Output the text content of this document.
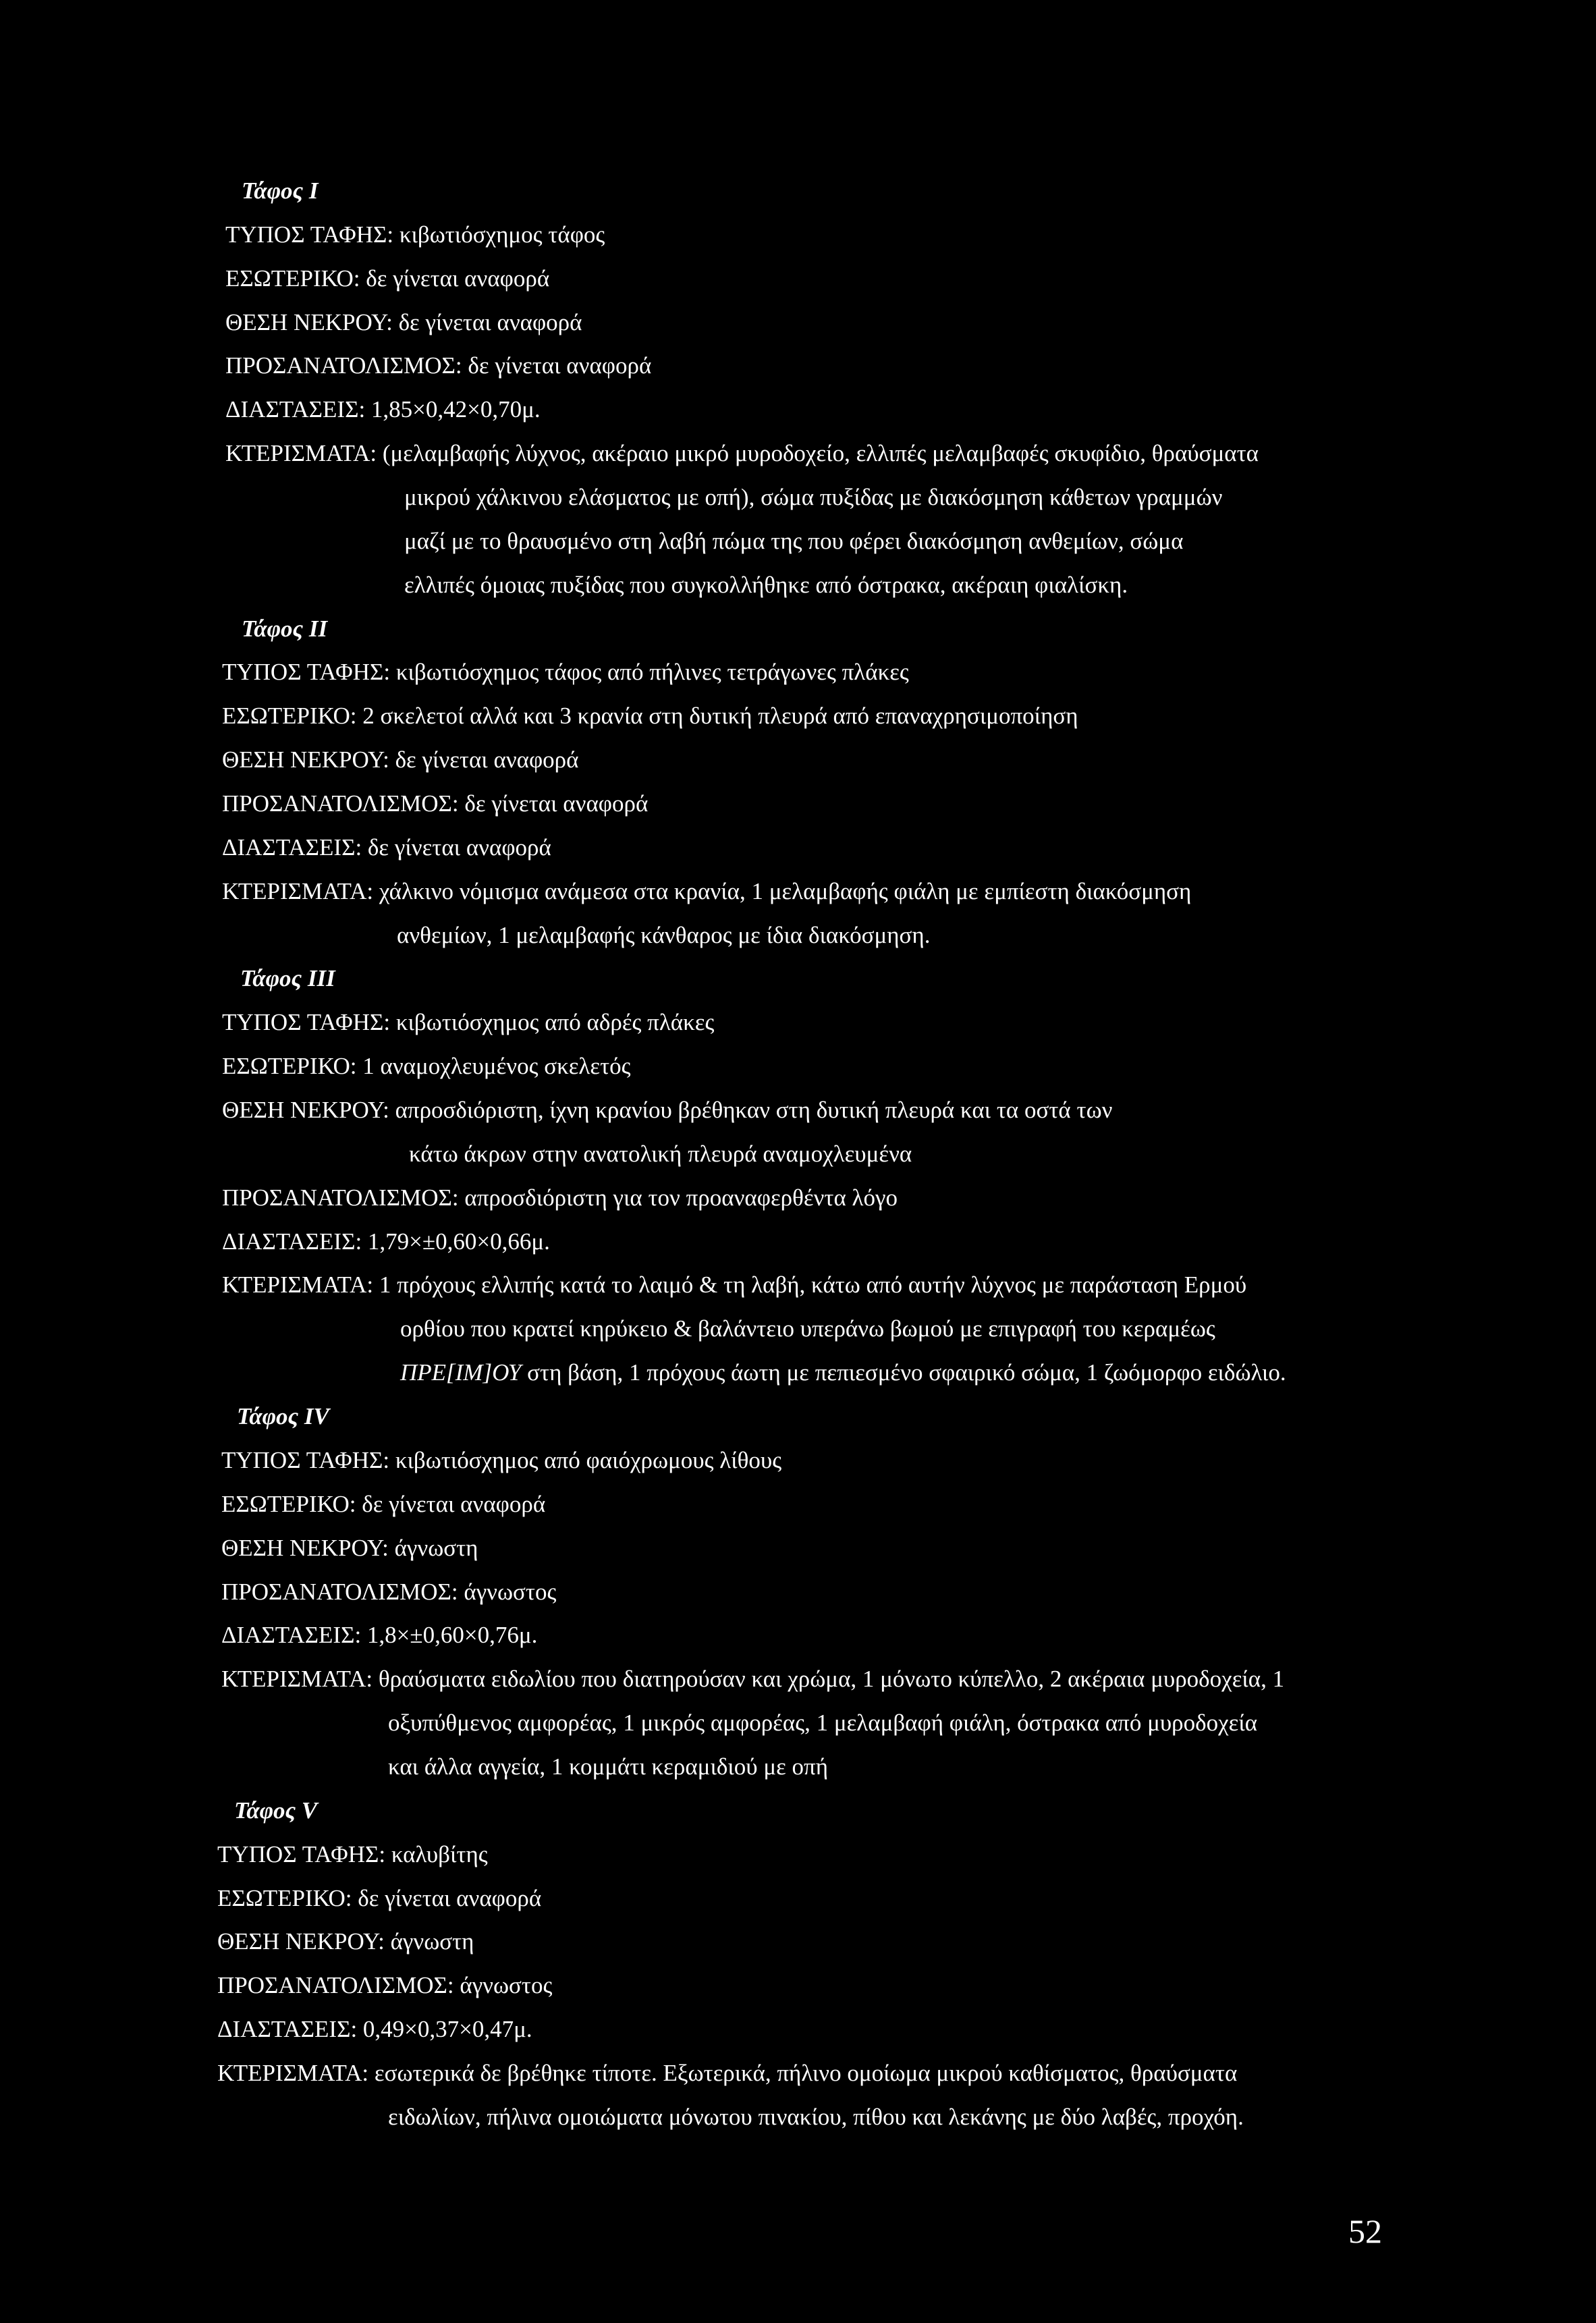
Τάφος I
ΤΥΠΟΣ ΤΑΦΗΣ: κιβωτιόσχημος τάφος
ΕΣΩΤΕΡΙΚΟ: δε γίνεται αναφορά
ΘΕΣΗ ΝΕΚΡΟΥ: δε γίνεται αναφορά
ΠΡΟΣΑΝΑΤΟΛΙΣΜΟΣ: δε γίνεται αναφορά
ΔΙΑΣΤΑΣΕΙΣ: 1,85×0,42×0,70μ.
ΚΤΕΡΙΣΜΑΤΑ: (μελαμβαφής λύχνος, ακέραιο μικρό μυροδοχείο, ελλιπές μελαμβαφές σκυφίδιο, θραύσματα
μικρού χάλκινου ελάσματος με οπή), σώμα πυξίδας με διακόσμηση κάθετων γραμμών
μαζί με το θραυσμένο στη λαβή πώμα της που φέρει διακόσμηση ανθεμίων, σώμα
ελλιπές όμοιας πυξίδας που συγκολλήθηκε από όστρακα, ακέραιη φιαλίσκη.
Τάφος II
ΤΥΠΟΣ ΤΑΦΗΣ: κιβωτιόσχημος τάφος από πήλινες τετράγωνες πλάκες
ΕΣΩΤΕΡΙΚΟ: 2 σκελετοί αλλά και 3 κρανία στη δυτική πλευρά από επαναχρησιμοποίηση
ΘΕΣΗ ΝΕΚΡΟΥ: δε γίνεται αναφορά
ΠΡΟΣΑΝΑΤΟΛΙΣΜΟΣ: δε γίνεται αναφορά
ΔΙΑΣΤΑΣΕΙΣ: δε γίνεται αναφορά
ΚΤΕΡΙΣΜΑΤΑ: χάλκινο νόμισμα ανάμεσα στα κρανία, 1 μελαμβαφής φιάλη με εμπίεστη διακόσμηση
ανθεμίων, 1 μελαμβαφής κάνθαρος με ίδια διακόσμηση.
Τάφος III
ΤΥΠΟΣ ΤΑΦΗΣ: κιβωτιόσχημος από αδρές πλάκες
ΕΣΩΤΕΡΙΚΟ: 1 αναμοχλευμένος σκελετός
ΘΕΣΗ ΝΕΚΡΟΥ: απροσδιόριστη, ίχνη κρανίου βρέθηκαν στη δυτική πλευρά και τα οστά των
κάτω άκρων στην ανατολική πλευρά αναμοχλευμένα
ΠΡΟΣΑΝΑΤΟΛΙΣΜΟΣ: απροσδιόριστη για τον προαναφερθέντα λόγο
ΔΙΑΣΤΑΣΕΙΣ: 1,79×±0,60×0,66μ.
ΚΤΕΡΙΣΜΑΤΑ: 1 πρόχους ελλιπής κατά το λαιμό & τη λαβή, κάτω από αυτήν λύχνος με παράσταση Ερμού
ορθίου που κρατεί κηρύκειο & βαλάντειο υπεράνω βωμού με επιγραφή του κεραμέως
ΠΡΕ[ΙΜ]ΟΥ στη βάση, 1 πρόχους άωτη με πεπιεσμένο σφαιρικό σώμα, 1 ζωόμορφο ειδώλιο.
Τάφος IV
ΤΥΠΟΣ ΤΑΦΗΣ: κιβωτιόσχημος από φαιόχρωμους λίθους
ΕΣΩΤΕΡΙΚΟ: δε γίνεται αναφορά
ΘΕΣΗ ΝΕΚΡΟΥ: άγνωστη
ΠΡΟΣΑΝΑΤΟΛΙΣΜΟΣ: άγνωστος
ΔΙΑΣΤΑΣΕΙΣ: 1,8×±0,60×0,76μ.
ΚΤΕΡΙΣΜΑΤΑ: θραύσματα ειδωλίου που διατηρούσαν και χρώμα, 1 μόνωτο κύπελλο, 2 ακέραια μυροδοχεία, 1
οξυπύθμενος αμφορέας, 1 μικρός αμφορέας, 1 μελαμβαφή φιάλη, όστρακα από μυροδοχεία
και άλλα αγγεία, 1 κομμάτι κεραμιδιού με οπή
Τάφος V
ΤΥΠΟΣ ΤΑΦΗΣ: καλυβίτης
ΕΣΩΤΕΡΙΚΟ: δε γίνεται αναφορά
ΘΕΣΗ ΝΕΚΡΟΥ: άγνωστη
ΠΡΟΣΑΝΑΤΟΛΙΣΜΟΣ: άγνωστος
ΔΙΑΣΤΑΣΕΙΣ: 0,49×0,37×0,47μ.
ΚΤΕΡΙΣΜΑΤΑ: εσωτερικά δε βρέθηκε τίποτε. Εξωτερικά, πήλινο ομοίωμα μικρού καθίσματος, θραύσματα
ειδωλίων, πήλινα ομοιώματα μόνωτου πινακίου, πίθου και λεκάνης με δύο λαβές, προχόη.
52
